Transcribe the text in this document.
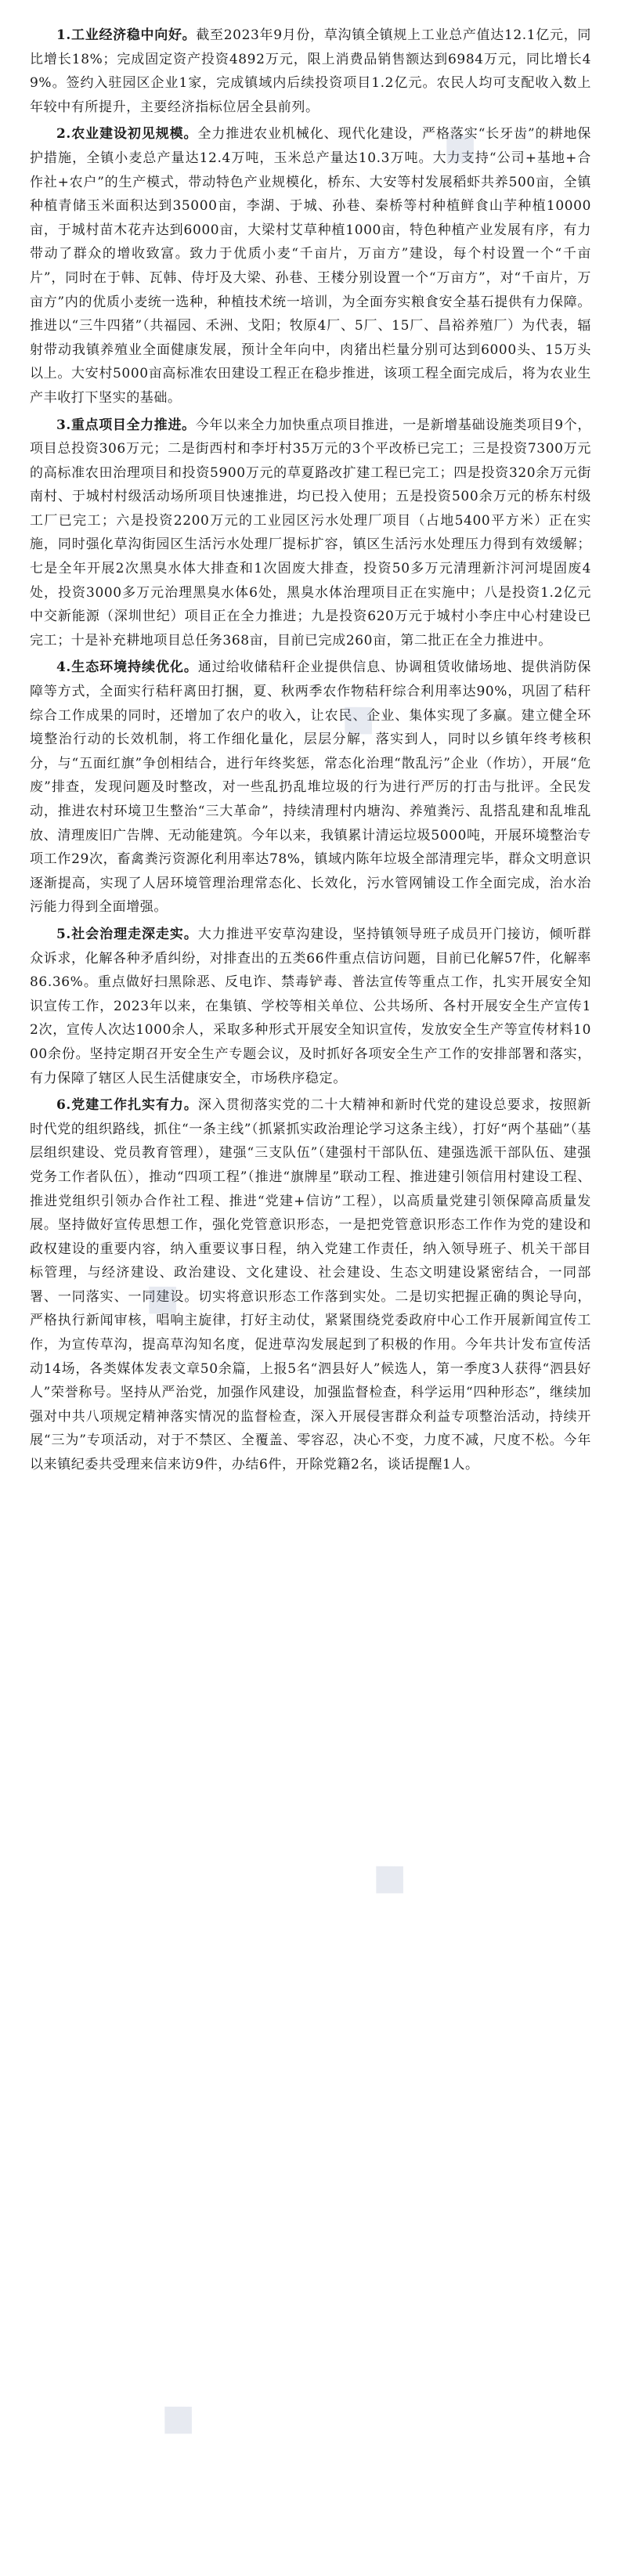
1.工业经济稳中向好。截至2023年9月份，草沟镇全镇规上工业总产值达12.1亿元，同比增长18%；完成固定资产投资4892万元，限上消费品销售额达到6984万元，同比增长49%。签约入驻园区企业1家，完成镇域内后续投资项目1.2亿元。农民人均可支配收入数上年较中有所提升，主要经济指标位居全县前列。

2.农业建设初见规模。全力推进农业机械化、现代化建设，严格落实“长牙齿”的耕地保护措施，全镇小麦总产量达12.4万吨，玉米总产量达10.3万吨。大力支持“公司+基地+合作社+农户”的生产模式，带动特色产业规模化，桥东、大安等村发展稻虾共养500亩，全镇种植青储玉米面积达到35000亩，李湖、于城、孙巷、秦桥等村种植鲜食山芋种植10000亩，于城村苗木花卉达到6000亩，大梁村艾草种植1000亩，特色种植产业发展有序，有力带动了群众的增收致富。致力于优质小麦“千亩片，万亩方”建设，每个村设置一个“千亩片”，同时在于韩、瓦韩、侍圩及大梁、孙巷、王楼分别设置一个“万亩方”，对“千亩片，万亩方”内的优质小麦统一选种，种植技术统一培训，为全面夯实粮食安全基石提供有力保障。推进以“三牛四猪”（共福园、禾洲、戈阳；牧原4厂、5厂、15厂、昌裕养殖厂）为代表，辐射带动我镇养殖业全面健康发展，预计全年向中，肉猪出栏量分别可达到6000头、15万头以上。大安村5000亩高标准农田建设工程正在稳步推进，该项工程全面完成后，将为农业生产丰收打下坚实的基础。

3.重点项目全力推进。今年以来全力加快重点项目推进，一是新增基础设施类项目9个，项目总投资306万元；二是街西村和李圩村35万元的3个平改桥已完工；三是投资7300万元的高标准农田治理项目和投资5900万元的草夏路改扩建工程已完工；四是投资320余万元街南村、于城村村级活动场所项目快速推进，均已投入使用；五是投资500余万元的桥东村级工厂已完工；六是投资2200万元的工业园区污水处理厂项目（占地5400平方米）正在实施，同时强化草沟街园区生活污水处理厂提标扩容，镇区生活污水处理压力得到有效缓解；七是全年开展2次黑臭水体大排查和1次固废大排查，投资50多万元清理新汴河河堤固废4处，投资3000多万元治理黑臭水体6处，黑臭水体治理项目正在实施中；八是投资1.2亿元中交新能源（深圳世纪）项目正在全力推进；九是投资620万元于城村小李庄中心村建设已完工；十是补充耕地项目总任务368亩，目前已完成260亩，第二批正在全力推进中。

4.生态环境持续优化。通过给收储秸秆企业提供信息、协调租赁收储场地、提供消防保障等方式，全面实行秸秆离田打捆，夏、秋两季农作物秸秆综合利用率达90%，巩固了秸秆综合工作成果的同时，还增加了农户的收入，让农民、企业、集体实现了多赢。建立健全环境整治行动的长效机制，将工作细化量化，层层分解，落实到人，同时以乡镇年终考核积分，与“五面红旗”争创相结合，进行年终奖惩，常态化治理“散乱污”企业（作坊），开展“危废”排查，发现问题及时整改，对一些乱扔乱堆垃圾的行为进行严厉的打击与批评。全民发动，推进农村环境卫生整治“三大革命”，持续清理村内塘沟、养殖粪污、乱搭乱建和乱堆乱放、清理废旧广告牌、无动能建筑。今年以来，我镇累计清运垃圾5000吨，开展环境整治专项工作29次，畜禽粪污资源化利用率达78%，镇域内陈年垃圾全部清理完毕，群众文明意识逐渐提高，实现了人居环境管理治理常态化、长效化，污水管网铺设工作全面完成，治水治污能力得到全面增强。

5.社会治理走深走实。大力推进平安草沟建设，坚持镇领导班子成员开门接访，倾听群众诉求，化解各种矛盾纠纷，对排查出的五类66件重点信访问题，目前已化解57件，化解率86.36%。重点做好扫黑除恶、反电诈、禁毒铲毒、普法宣传等重点工作，扎实开展安全知识宣传工作，2023年以来，在集镇、学校等相关单位、公共场所、各村开展安全生产宣传12次，宣传人次达1000余人，采取多种形式开展安全知识宣传，发放安全生产等宣传材料1000余份。坚持定期召开安全生产专题会议，及时抓好各项安全生产工作的安排部署和落实，有力保障了辖区人民生活健康安全，市场秩序稳定。

6.党建工作扎实有力。深入贯彻落实党的二十大精神和新时代党的建设总要求，按照新时代党的组织路线，抓住“一条主线”（抓紧抓实政治理论学习这条主线），打好“两个基础”（基层组织建设、党员教育管理），建强“三支队伍”（建强村干部队伍、建强选派干部队伍、建强党务工作者队伍），推动“四项工程”（推进“旗牌星”联动工程、推进建引领信用村建设工程、推进党组织引领办合作社工程、推进“党建+信访”工程），以高质量党建引领保障高质量发展。坚持做好宣传思想工作，强化党管意识形态，一是把党管意识形态工作作为党的建设和政权建设的重要内容，纳入重要议事日程，纳入党建工作责任，纳入领导班子、机关干部目标管理，与经济建设、政治建设、文化建设、社会建设、生态文明建设紧密结合，一同部署、一同落实、一同建设。切实将意识形态工作落到实处。二是切实把握正确的舆论导向，严格执行新闻审核，唱响主旋律，打好主动仗，紧紧围绕党委政府中心工作开展新闻宣传工作，为宣传草沟，提高草沟知名度，促进草沟发展起到了积极的作用。今年共计发布宣传活动14场，各类媒体发表文章50余篇，上报5名“泗县好人”候选人，第一季度3人获得“泗县好人”荣誉称号。坚持从严治党，加强作风建设，加强监督检查，科学运用“四种形态”，继续加强对中共八项规定精神落实情况的监督检查，深入开展侵害群众利益专项整治活动，持续开展“三为”专项活动，对于不禁区、全覆盖、零容忍，决心不变，力度不减，尺度不松。今年以来镇纪委共受理来信来访9件，办结6件，开除党籍2名，谈话提醒1人。

◆
◆
◆
◆
◆
